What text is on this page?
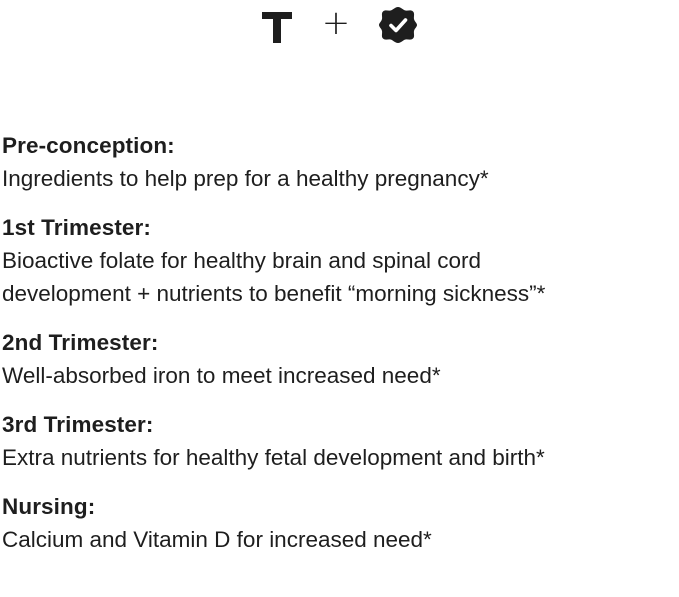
+
Pre-conception:
Ingredients to help prep for a healthy pregnancy*
1st Trimester:
Bioactive folate for healthy brain and spinal cord
development + nutrients to benefit “morning sickness”*
2nd Trimester:
Well-absorbed iron to meet increased need*
3rd Trimester:
Extra nutrients for healthy fetal development and birth*
Nursing:
Calcium and Vitamin D for increased need*
